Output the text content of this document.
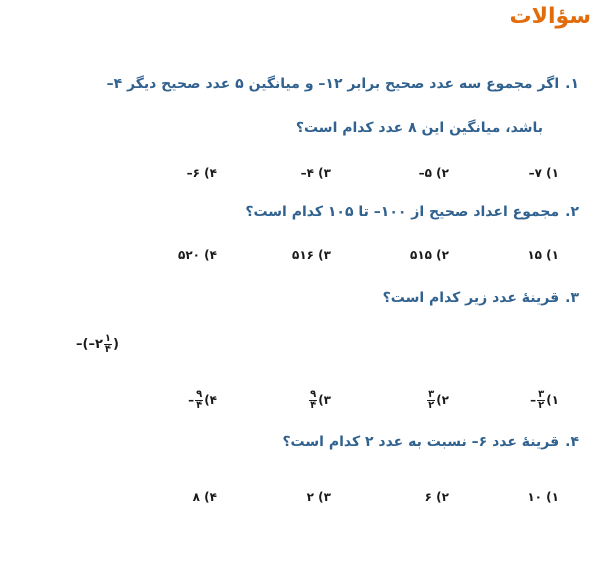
سؤالات
۱.اگر مجموع سه عدد صحیح برابر ۱۲– و میانگین ۵ عدد صحیح دیگر ۴–
باشد، میانگین این ۸ عدد کدام است؟
۱) ۷–
۲) ۵–
۳) ۴–
۴) ۶–
۲.مجموع اعداد صحیح از ۱۰۰– تا ۱۰۵ کدام است؟
۱) ۱۵
۲) ۵۱۵
۳) ۵۱۶
۴) ۵۲۰
۳.قرینهٔ عدد زیر کدام است؟
–(–۲ $\frac{۱}{۴}$ )
۱)
$\frac{۳}{۲}$
–
۲)
$\frac{۳}{۲}$
۳)
$\frac{۹}{۴}$
۴)
$\frac{۹}{۴}$
–
۴.قرینهٔ عدد ۶– نسبت به عدد ۲ کدام است؟
۱) ۱۰
۲) ۶
۳) ۲
۴) ۸
